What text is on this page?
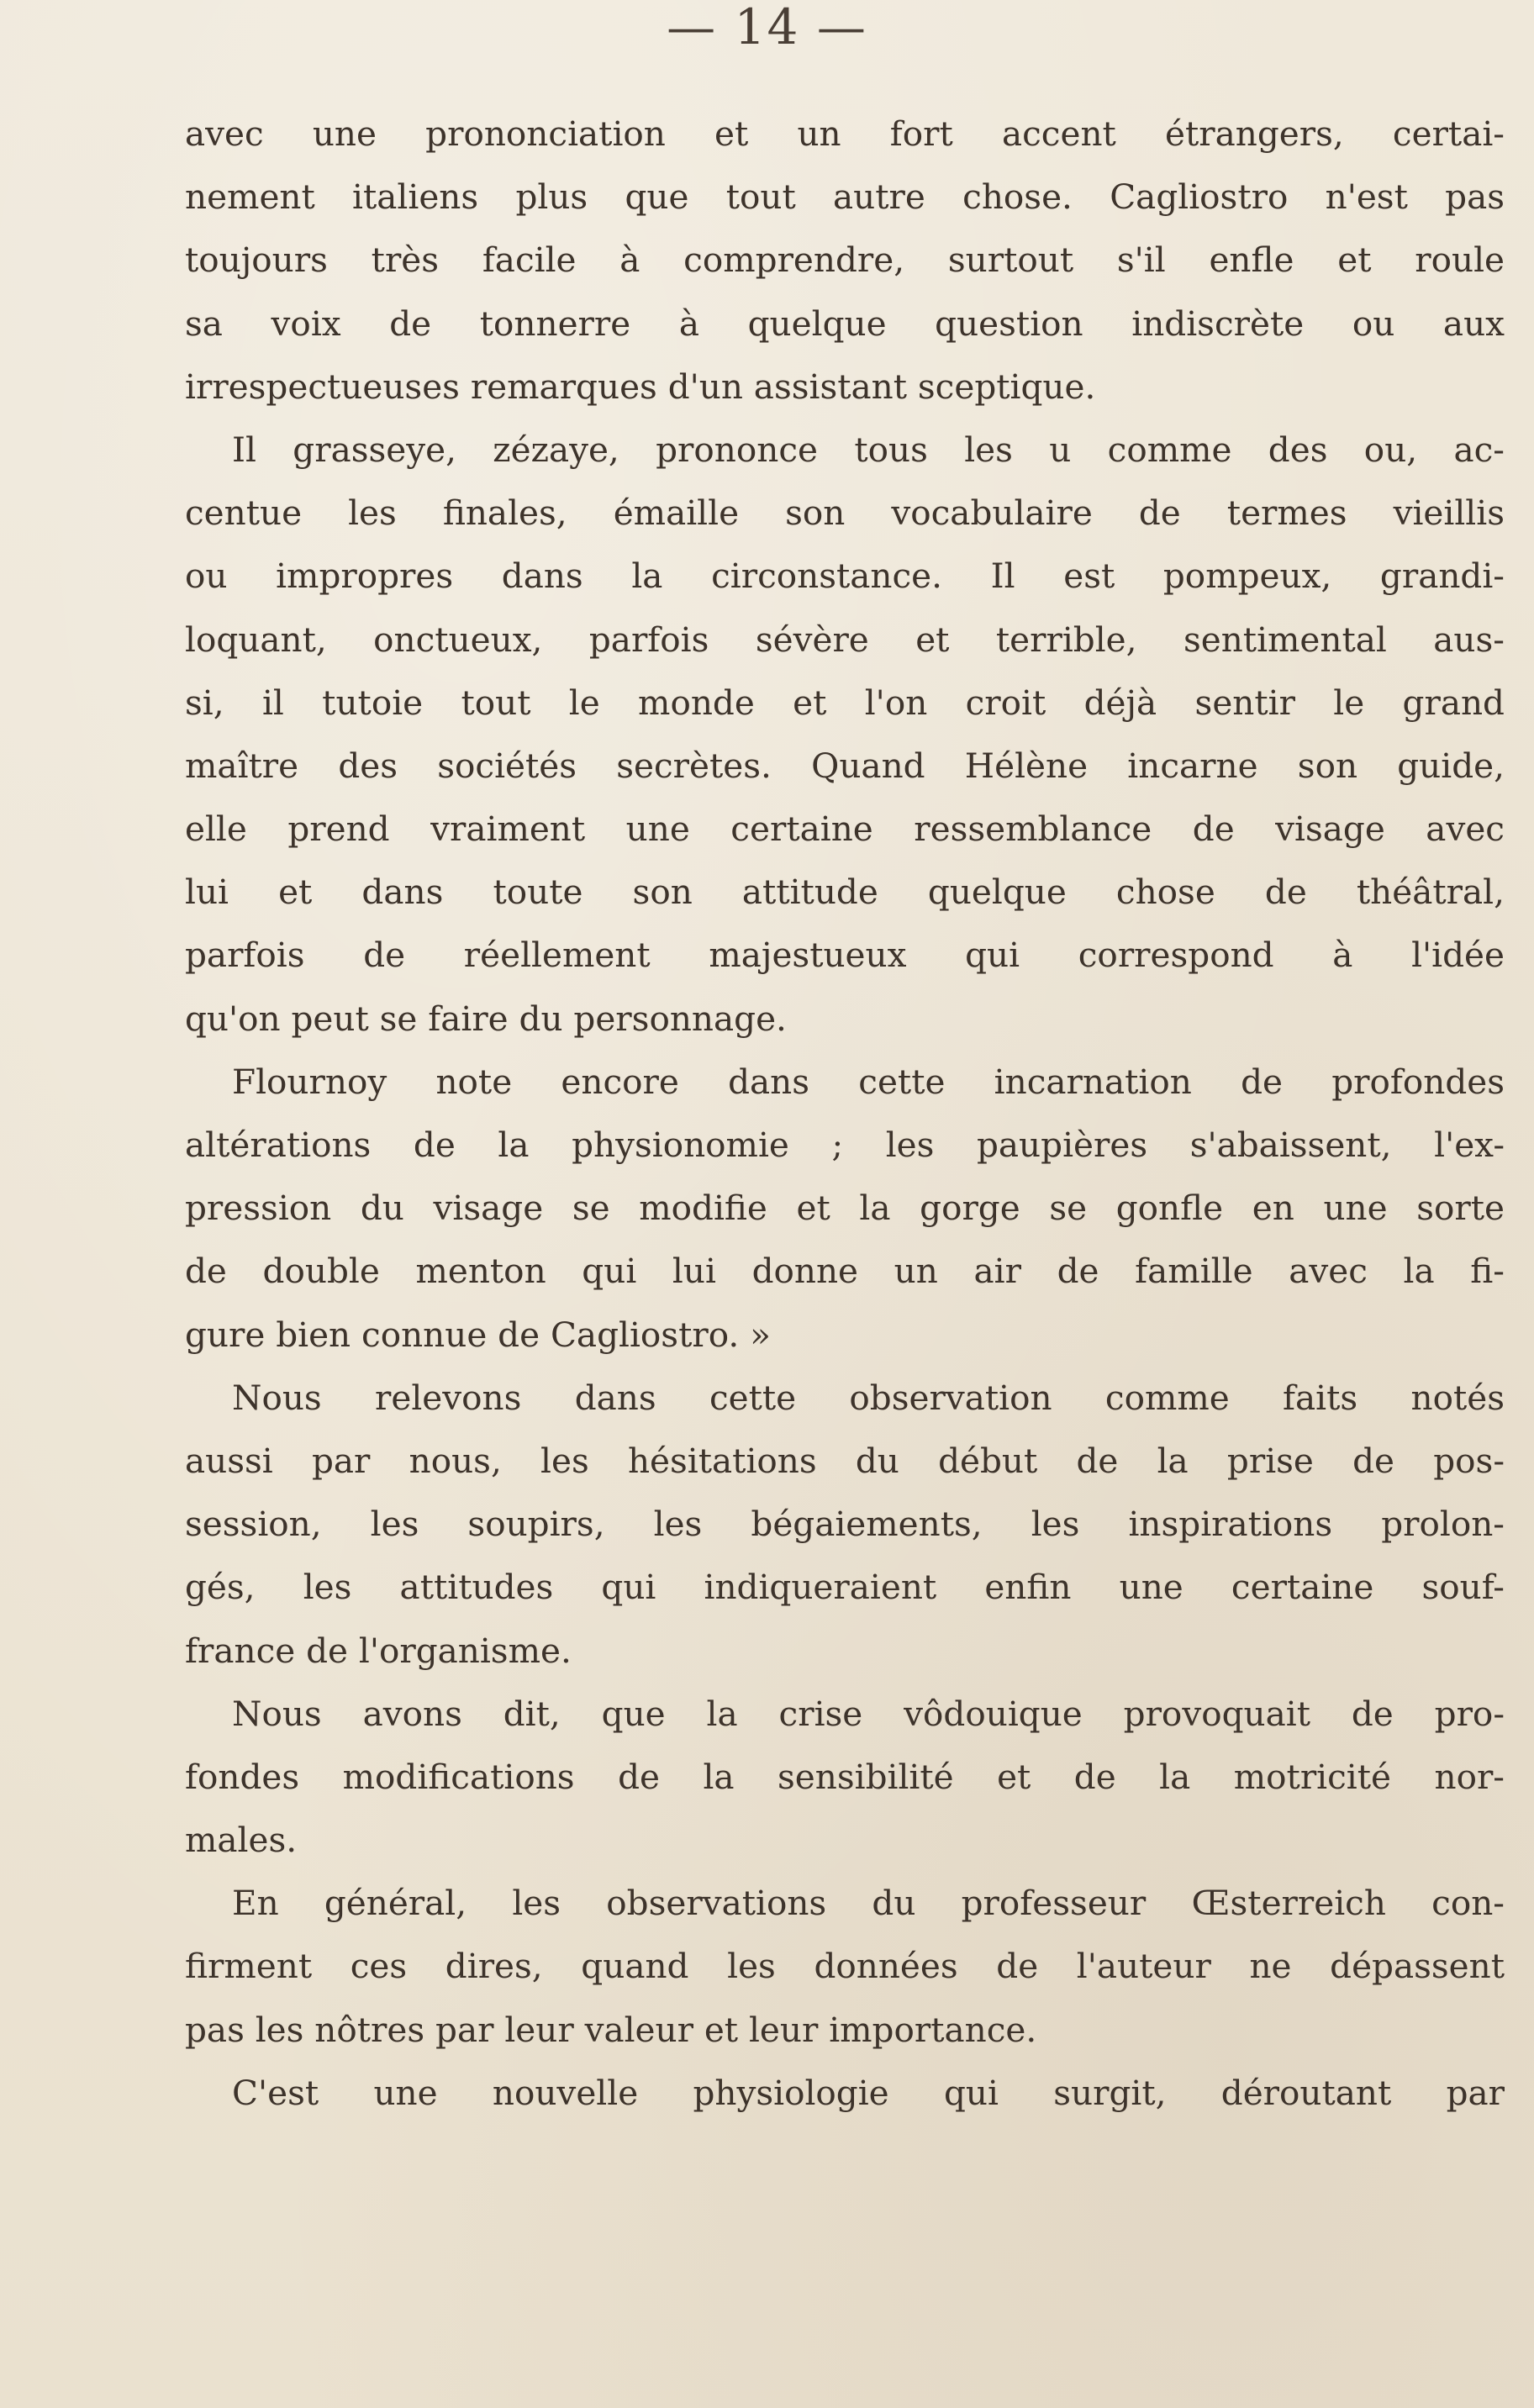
— 14 —
avec une prononciation et un fort accent étrangers, certai-
nement italiens plus que tout autre chose. Cagliostro n'est pas
toujours très facile à comprendre, surtout s'il enfle et roule
sa voix de tonnerre à quelque question indiscrète ou aux
irrespectueuses remarques d'un assistant sceptique.
Il grasseye, zézaye, prononce tous les u comme des ou, ac-
centue les finales, émaille son vocabulaire de termes vieillis
ou impropres dans la circonstance. Il est pompeux, grandi-
loquant, onctueux, parfois sévère et terrible, sentimental aus-
si, il tutoie tout le monde et l'on croit déjà sentir le grand
maître des sociétés secrètes. Quand Hélène incarne son guide,
elle prend vraiment une certaine ressemblance de visage avec
lui et dans toute son attitude quelque chose de théâtral,
parfois de réellement majestueux qui correspond à l'idée
qu'on peut se faire du personnage.
Flournoy note encore dans cette incarnation de profondes
altérations de la physionomie ; les paupières s'abaissent, l'ex-
pression du visage se modifie et la gorge se gonfle en une sorte
de double menton qui lui donne un air de famille avec la fi-
gure bien connue de Cagliostro. »
Nous relevons dans cette observation comme faits notés
aussi par nous, les hésitations du début de la prise de pos-
session, les soupirs, les bégaiements, les inspirations prolon-
gés, les attitudes qui indiqueraient enfin une certaine souf-
france de l'organisme.
Nous avons dit, que la crise vôdouique provoquait de pro-
fondes modifications de la sensibilité et de la motricité nor-
males.
En général, les observations du professeur Œsterreich con-
firment ces dires, quand les données de l'auteur ne dépassent
pas les nôtres par leur valeur et leur importance.
C'est une nouvelle physiologie qui surgit, déroutant par
